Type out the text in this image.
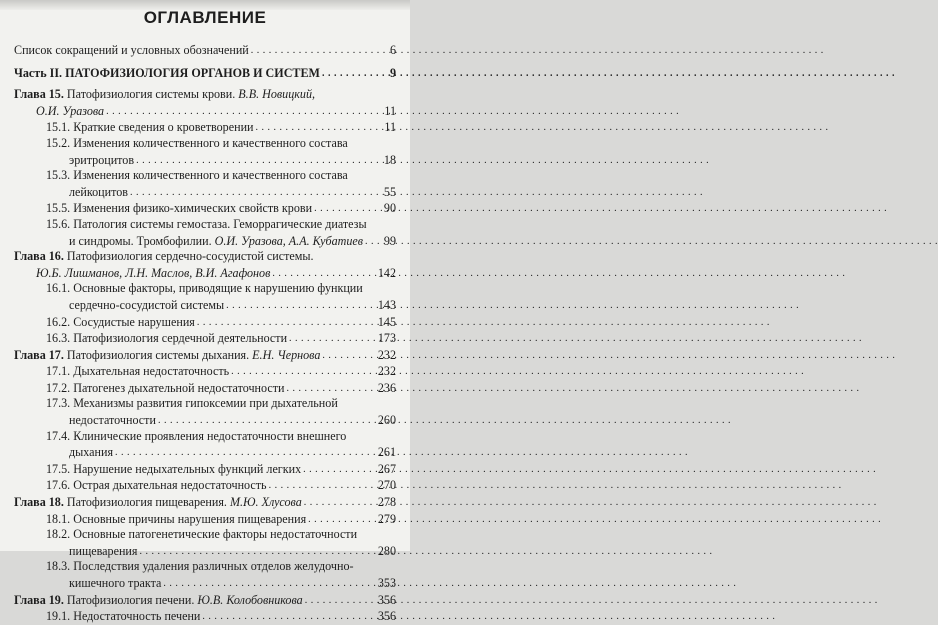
ОГЛАВЛЕНИЕ
Список сокращений и условных обозначений . . .	6
Часть II. ПАТОФИЗИОЛОГИЯ ОРГАНОВ И СИСТЕМ . . .	9
Глава 15. Патофизиология системы крови. В.В. Новицкий,
О.И. Уразова . . .	11
15.1. Краткие сведения о кроветворении . . .	11
15.2. Изменения количественного и качественного состава
эритроцитов . . .	18
15.3. Изменения количественного и качественного состава
лейкоцитов . . .	55
15.5. Изменения физико-химических свойств крови . . .	90
15.6. Патология системы гемостаза. Геморрагические диатезы
и синдромы. Тромбофилии. О.И. Уразова, А.А. Кубатиев . . . 99
Глава 16. Патофизиология сердечно-сосудистой системы.
Ю.Б. Лишманов, Л.Н. Маслов, В.И. Агафонов . . .	142
16.1. Основные факторы, приводящие к нарушению функции
сердечно-сосудистой системы . . .	143
16.2. Сосудистые нарушения . . .	145
16.3. Патофизиология сердечной деятельности . . .	173
Глава 17. Патофизиология системы дыхания. Е.Н. Чернова . . .	232
17.1. Дыхательная недостаточность . . .	232
17.2. Патогенез дыхательной недостаточности . . .	236
17.3. Механизмы развития гипоксемии при дыхательной
недостаточности . . .	260
17.4. Клинические проявления недостаточности внешнего
дыхания . . .	261
17.5. Нарушение недыхательных функций легких . . .	267
17.6. Острая дыхательная недостаточность . . .	270
Глава 18. Патофизиология пищеварения. М.Ю. Хлусова . . .	278
18.1. Основные причины нарушения пищеварения . . .	279
18.2. Основные патогенетические факторы недостаточности
пищеварения . . .	280
18.3. Последствия удаления различных отделов желудочно-
кишечного тракта . . .	353
Глава 19. Патофизиология печени. Ю.В. Колобовникова . . .	356
19.1. Недостаточность печени . . .	356
